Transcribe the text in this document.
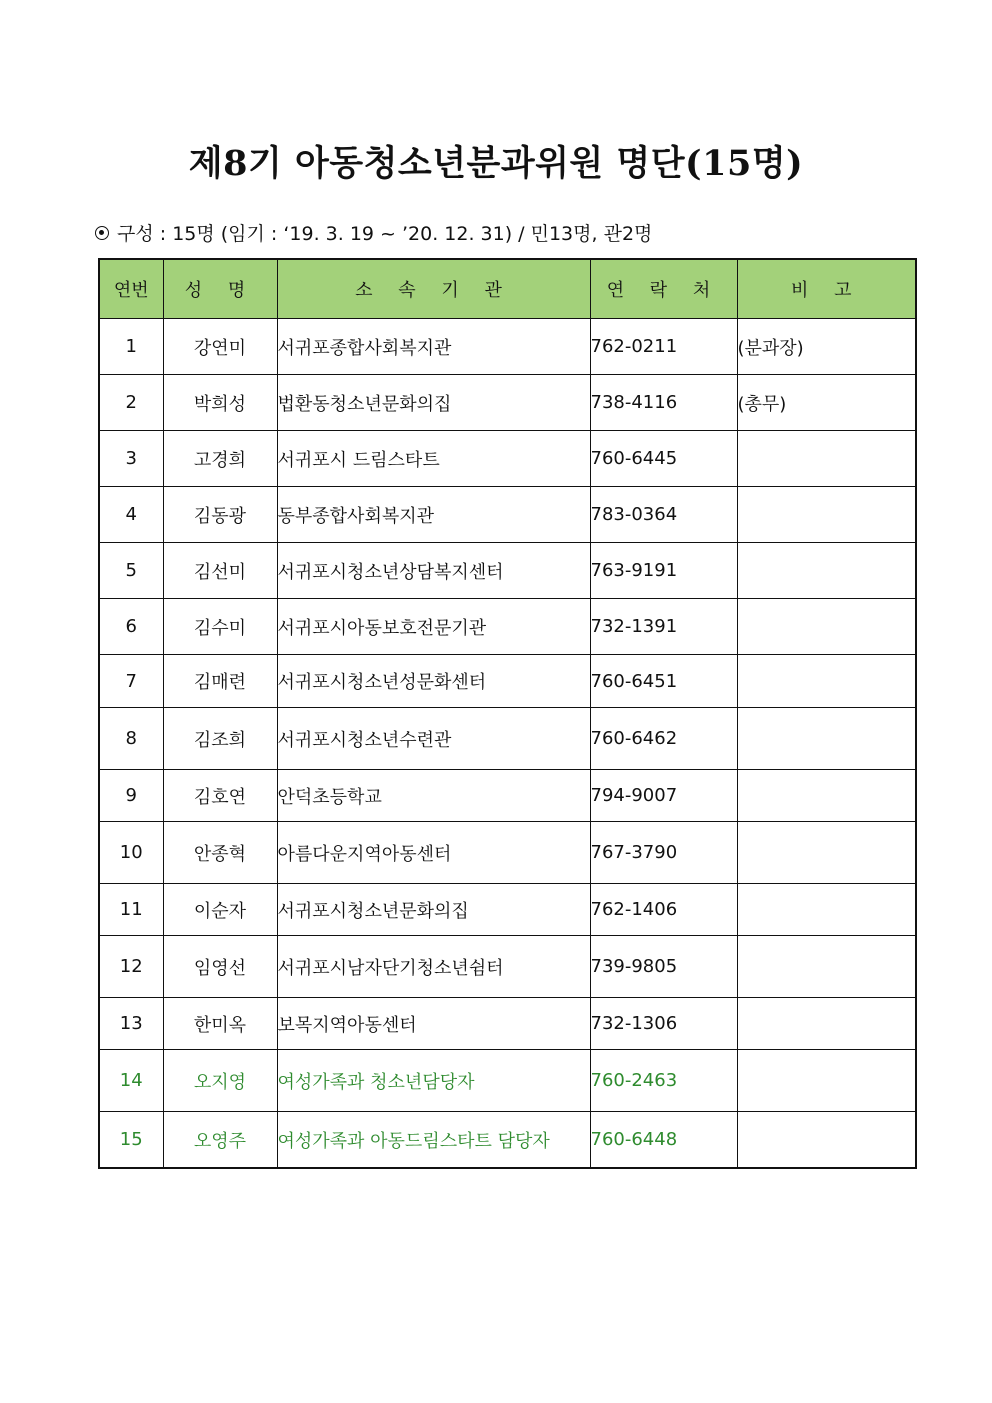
제8기 아동청소년분과위원 명단(15명)
구성 : 15명 (임기 : ‘19. 3. 19 ~ ’20. 12. 31) / 민13명, 관2명
연번	성 명	소 속 기 관	연 락 처	비 고
1	강연미	서귀포종합사회복지관	762-0211	(분과장)
2	박희성	법환동청소년문화의집	738-4116	(총무)
3	고경희	서귀포시 드림스타트	760-6445	
4	김동광	동부종합사회복지관	783-0364	
5	김선미	서귀포시청소년상담복지센터	763-9191	
6	김수미	서귀포시아동보호전문기관	732-1391	
7	김매련	서귀포시청소년성문화센터	760-6451	
8	김조희	서귀포시청소년수련관	760-6462	
9	김호연	안덕초등학교	794-9007	
10	안종혁	아름다운지역아동센터	767-3790	
11	이순자	서귀포시청소년문화의집	762-1406	
12	임영선	서귀포시남자단기청소년쉼터	739-9805	
13	한미옥	보목지역아동센터	732-1306	
14	오지영	여성가족과 청소년담당자	760-2463	
15	오영주	여성가족과 아동드림스타트 담당자	760-6448	
